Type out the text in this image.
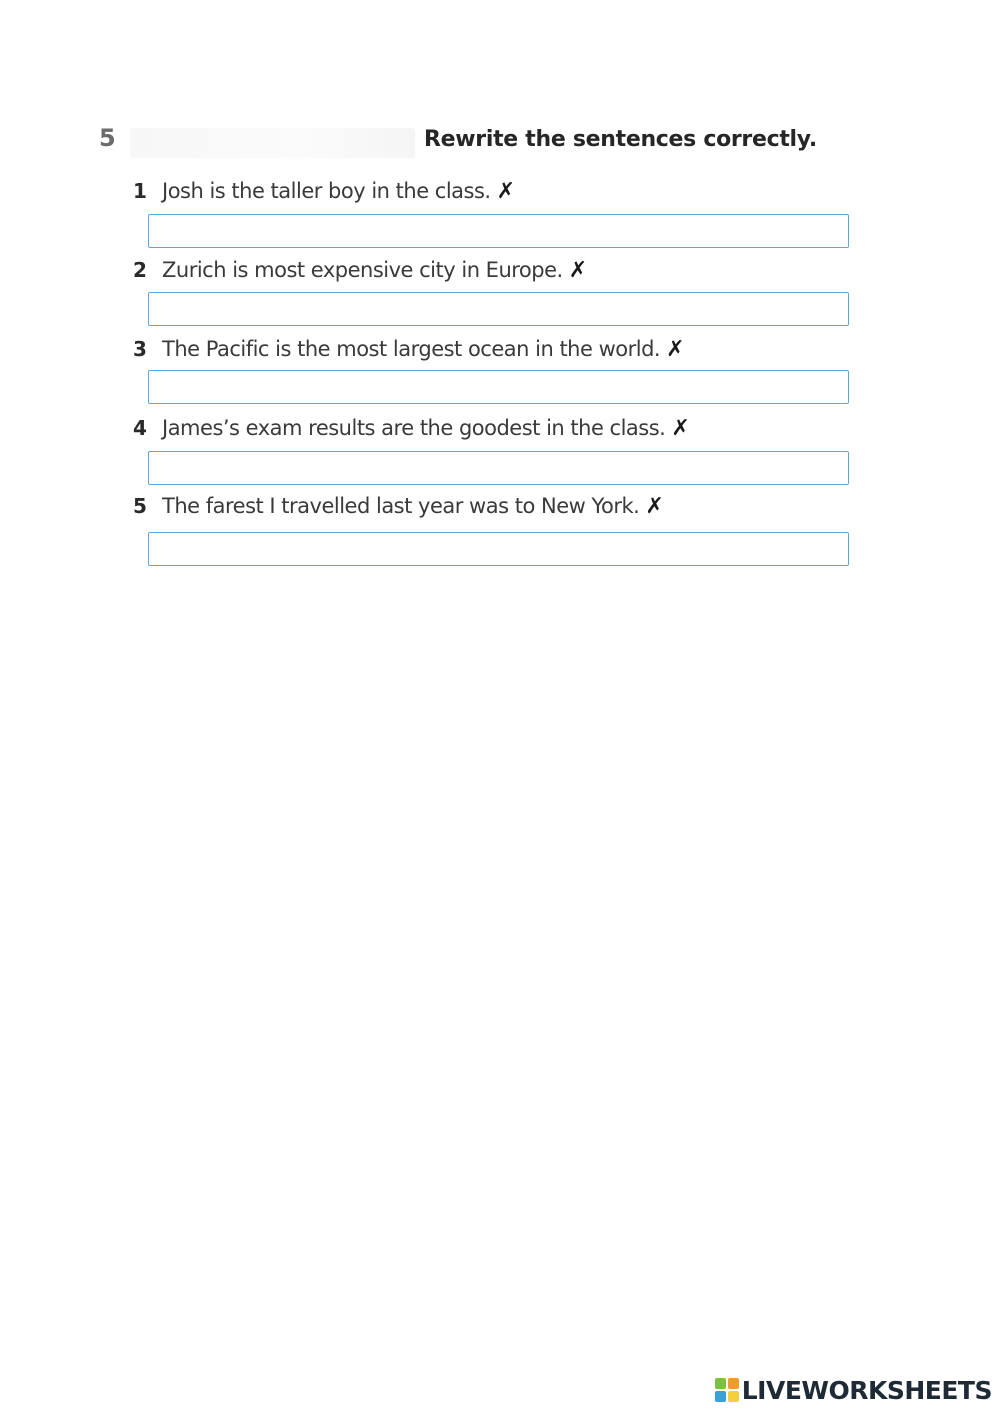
5	Rewrite the sentences correctly.
1 Josh is the taller boy in the class. ✗
2 Zurich is most expensive city in Europe. ✗
3 The Pacific is the most largest ocean in the world. ✗
4 James’s exam results are the goodest in the class. ✗
5 The farest I travelled last year was to New York. ✗
LIVEWORKSHEETS
